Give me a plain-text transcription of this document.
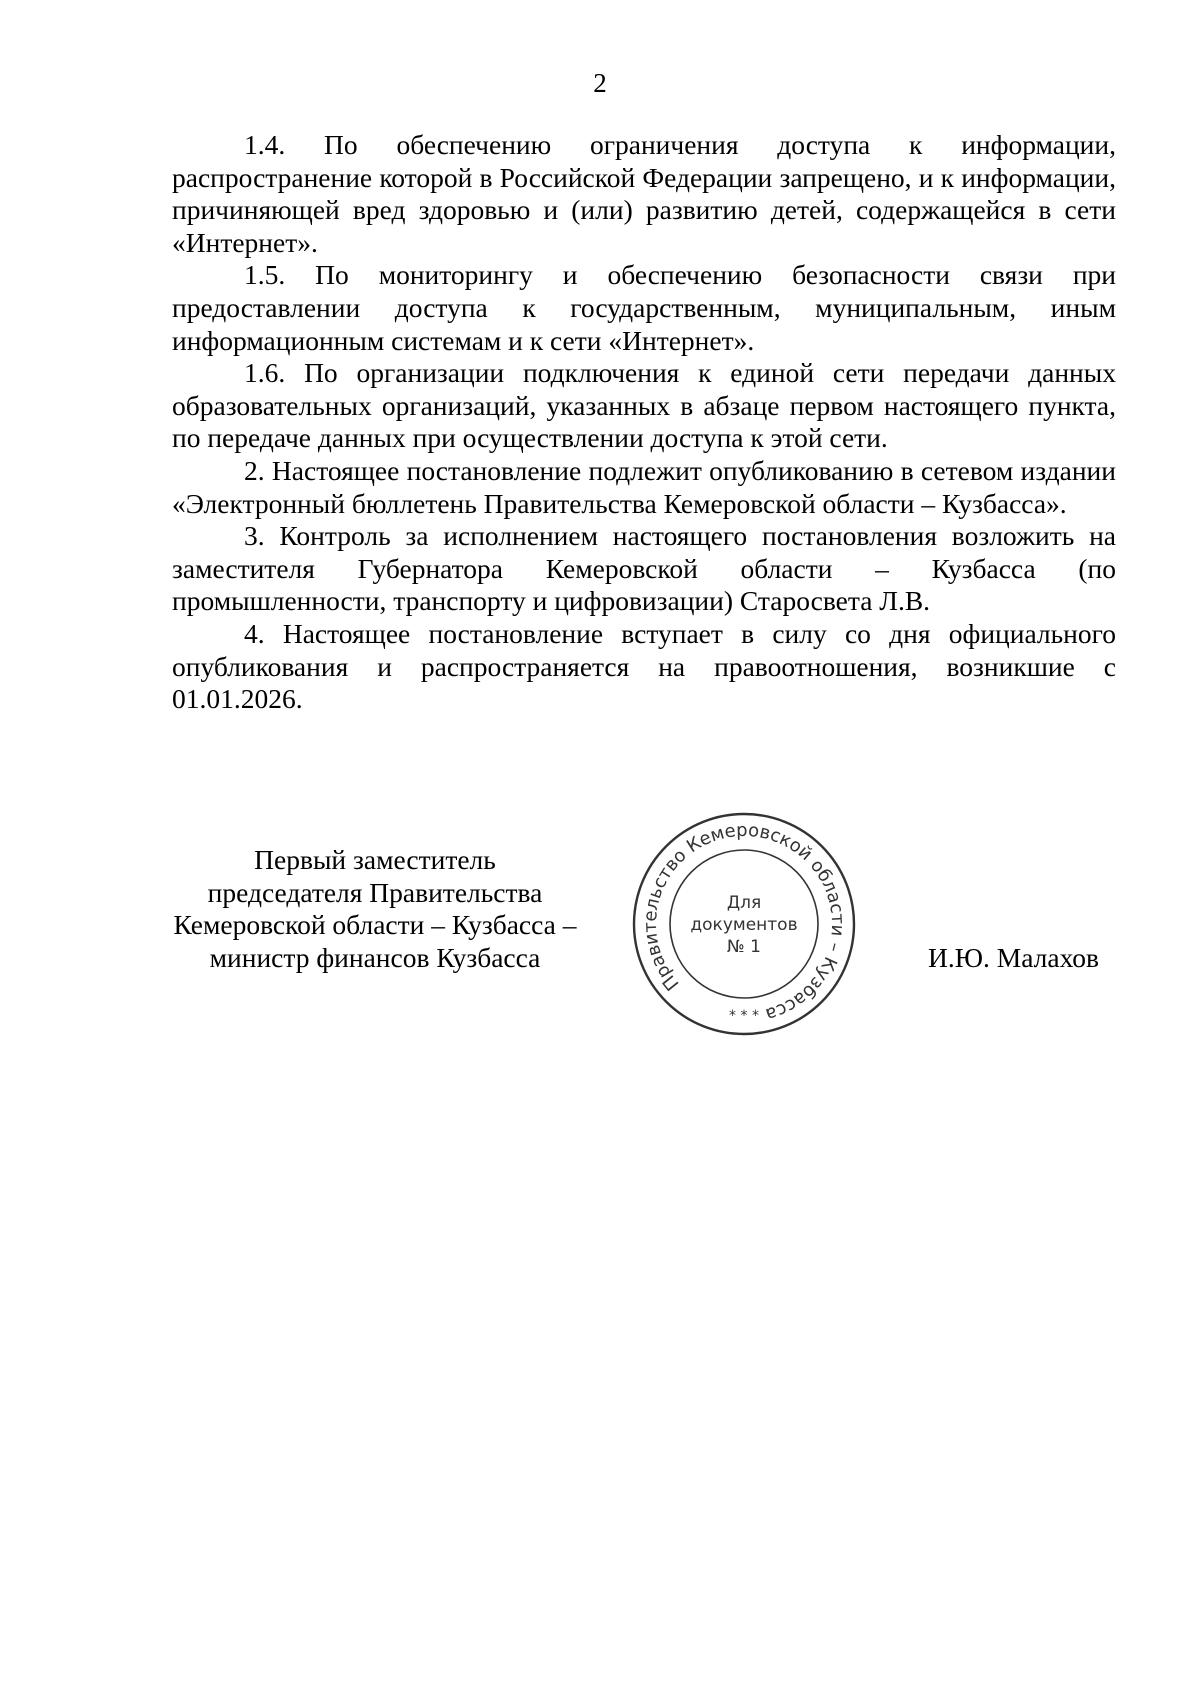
2

1.4. По обеспечению ограничения доступа к информации, распространение которой в Российской Федерации запрещено, и к информации, причиняющей вред здоровью и (или) развитию детей, содержащейся в сети «Интернет».

1.5. По мониторингу и обеспечению безопасности связи при предоставлении доступа к государственным, муниципальным, иным информационным системам и к сети «Интернет».

1.6. По организации подключения к единой сети передачи данных образовательных организаций, указанных в абзаце первом настоящего пункта, по передаче данных при осуществлении доступа к этой сети.

2. Настоящее постановление подлежит опубликованию в сетевом издании «Электронный бюллетень Правительства Кемеровской области – Кузбасса».

3. Контроль за исполнением настоящего постановления возложить на заместителя Губернатора Кемеровской области – Кузбасса (по промышленности, транспорту и цифровизации) Старосвета Л.В.

4. Настоящее постановление вступает в силу со дня официального опубликования и распространяется на правоотношения, возникшие с 01.01.2026.

Первый заместитель
председателя Правительства
Кемеровской области – Кузбасса –
министр финансов Кузбасса
Правительство Кемеровской области – Кузбасса
Для
документов
№ 1
* * *
И.Ю. Малахов
